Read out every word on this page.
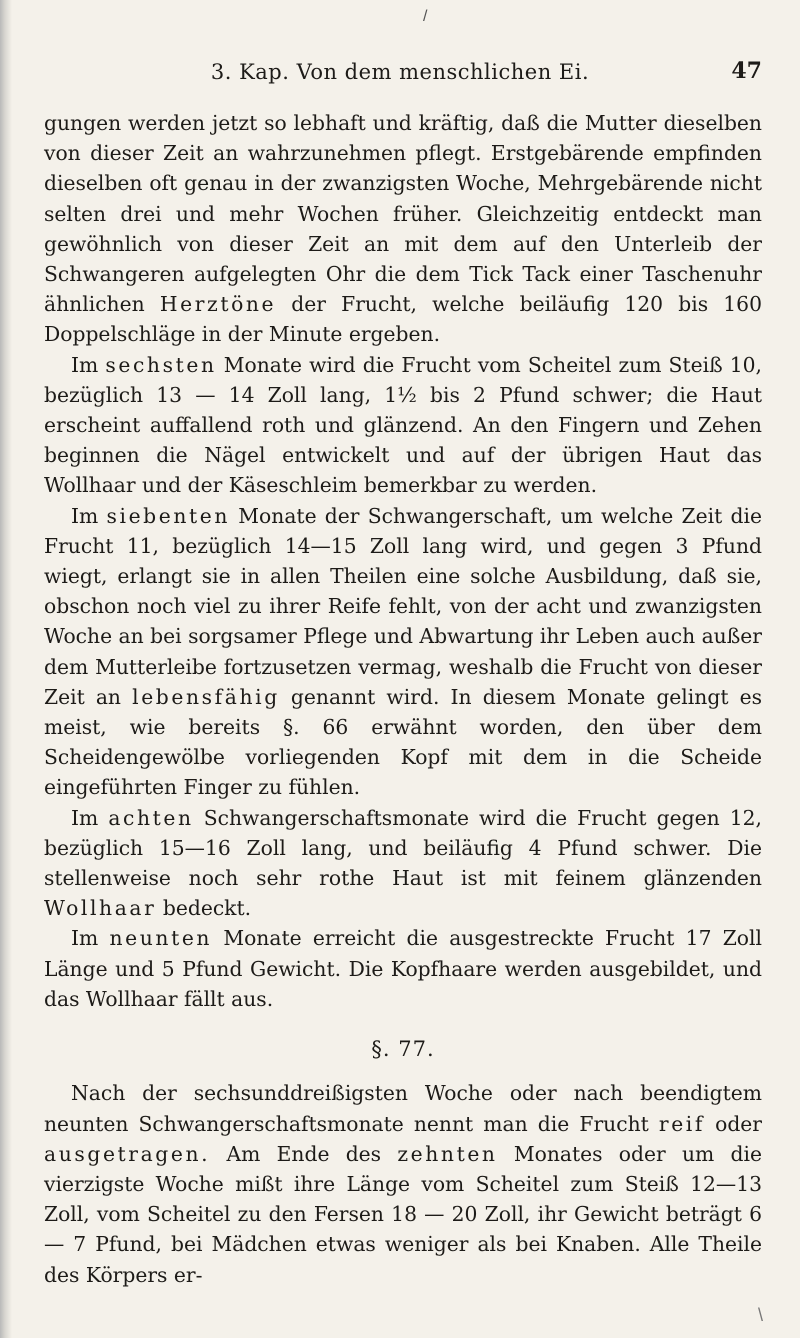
/
3. Kap. Von dem menschlichen Ei.	47

gungen werden jetzt so lebhaft und kräftig, daß die Mutter dieselben von dieser Zeit an wahrzunehmen pflegt. Erstgebärende empfinden dieselben oft genau in der zwanzigsten Woche, Mehrgebärende nicht selten drei und mehr Wochen früher. Gleichzeitig entdeckt man gewöhnlich von dieser Zeit an mit dem auf den Unterleib der Schwangeren aufgelegten Ohr die dem Tick Tack einer Taschenuhr ähnlichen Herztöne der Frucht, welche beiläufig 120 bis 160 Doppelschläge in der Minute ergeben.

Im sechsten Monate wird die Frucht vom Scheitel zum Steiß 10, bezüglich 13 — 14 Zoll lang, 1½ bis 2 Pfund schwer; die Haut erscheint auffallend roth und glänzend. An den Fingern und Zehen beginnen die Nägel entwickelt und auf der übrigen Haut das Wollhaar und der Käseschleim bemerkbar zu werden.

Im siebenten Monate der Schwangerschaft, um welche Zeit die Frucht 11, bezüglich 14—15 Zoll lang wird, und gegen 3 Pfund wiegt, erlangt sie in allen Theilen eine solche Ausbildung, daß sie, obschon noch viel zu ihrer Reife fehlt, von der acht und zwanzigsten Woche an bei sorgsamer Pflege und Abwartung ihr Leben auch außer dem Mutterleibe fortzusetzen vermag, weshalb die Frucht von dieser Zeit an lebensfähig genannt wird. In diesem Monate gelingt es meist, wie bereits §. 66 erwähnt worden, den über dem Scheidengewölbe vorliegenden Kopf mit dem in die Scheide eingeführten Finger zu fühlen.

Im achten Schwangerschaftsmonate wird die Frucht gegen 12, bezüglich 15—16 Zoll lang, und beiläufig 4 Pfund schwer. Die stellenweise noch sehr rothe Haut ist mit feinem glänzenden Wollhaar bedeckt.

Im neunten Monate erreicht die ausgestreckte Frucht 17 Zoll Länge und 5 Pfund Gewicht. Die Kopfhaare werden ausgebildet, und das Wollhaar fällt aus.

§. 77.

Nach der sechsunddreißigsten Woche oder nach beendigtem neunten Schwangerschaftsmonate nennt man die Frucht reif oder ausgetragen. Am Ende des zehnten Monates oder um die vierzigste Woche mißt ihre Länge vom Scheitel zum Steiß 12—13 Zoll, vom Scheitel zu den Fersen 18 — 20 Zoll, ihr Gewicht beträgt 6 — 7 Pfund, bei Mädchen etwas weniger als bei Knaben. Alle Theile des Körpers er-

\
